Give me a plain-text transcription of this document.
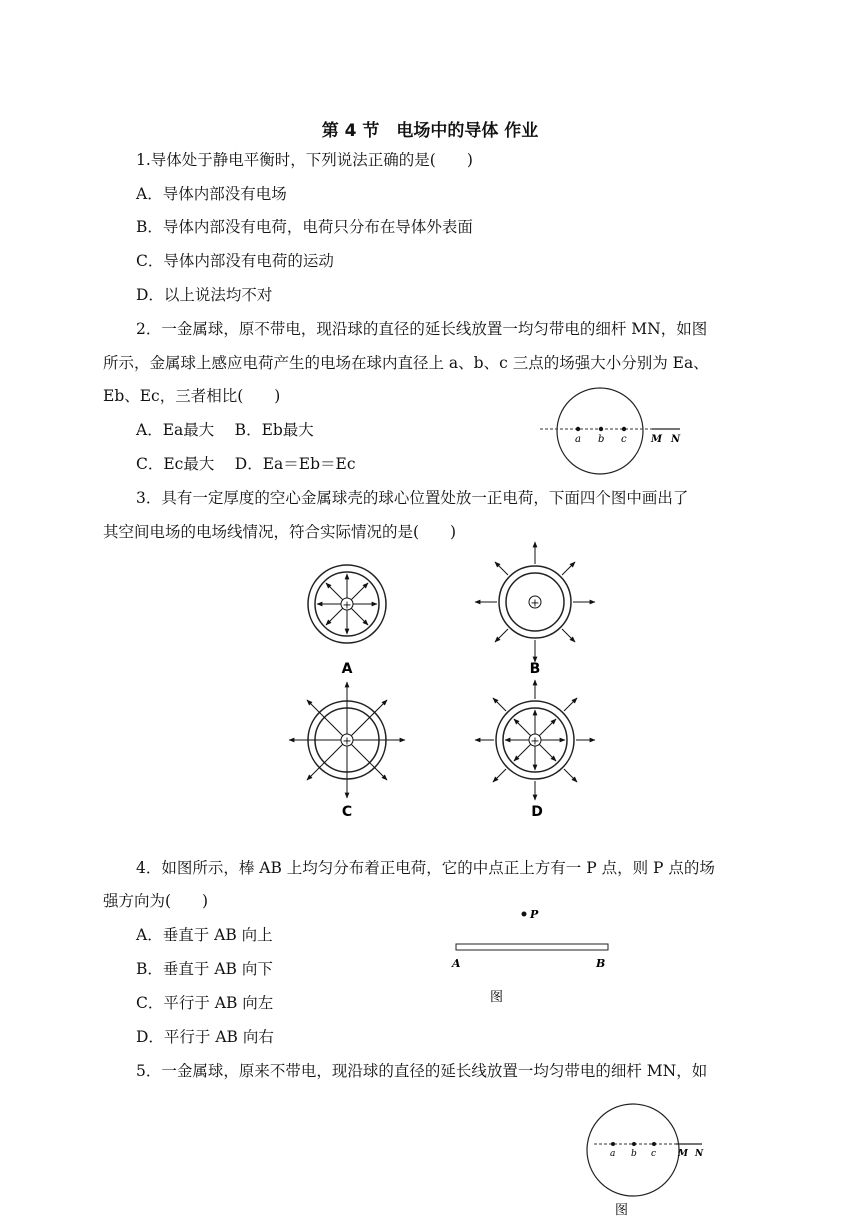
第 4 节　电场中的导体 作业
1.导体处于静电平衡时，下列说法正确的是(　　)
A．导体内部没有电场
B．导体内部没有电荷，电荷只分布在导体外表面
C．导体内部没有电荷的运动
D．以上说法均不对
2．一金属球，原不带电，现沿球的直径的延长线放置一均匀带电的细杆 MN，如图
所示，金属球上感应电荷产生的电场在球内直径上 a、b、c 三点的场强大小分别为 Ea、
Eb、Ec，三者相比(　　)
A．Ea最大　 B．Eb最大
C．Ec最大　 D．Ea＝Eb＝Ec
a b c M N
3．具有一定厚度的空心金属球壳的球心位置处放一正电荷，下面四个图中画出了
其空间电场的电场线情况，符合实际情况的是(　　)
+
A
+
B
+
C
+
D
4．如图所示，棒 AB 上均匀分布着正电荷，它的中点正上方有一 P 点，则 P 点的场
强方向为(　　)
A．垂直于 AB 向上
B．垂直于 AB 向下
C．平行于 AB 向左
D．平行于 AB 向右
P
A	B
图
5．一金属球，原来不带电，现沿球的直径的延长线放置一均匀带电的细杆 MN，如
a b c M N
图
